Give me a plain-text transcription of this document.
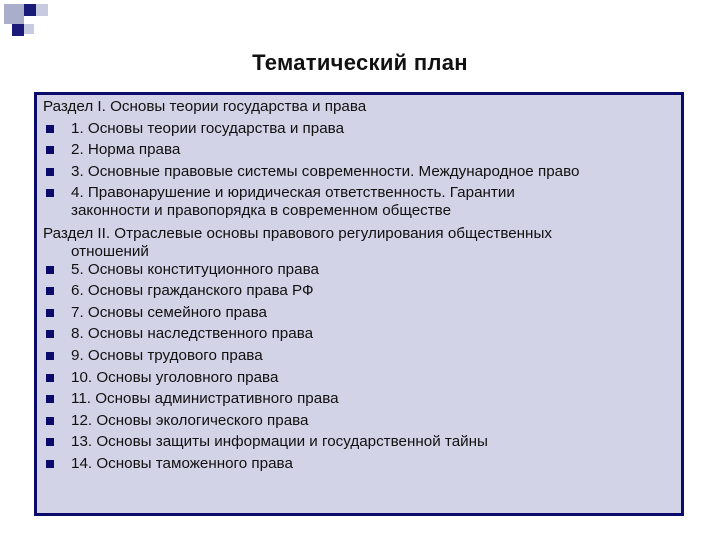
Тематический план
Раздел I. Основы теории государства и права
1. Основы теории государства и права
2. Норма права
3. Основные правовые системы современности. Международное право
4. Правонарушение и юридическая ответственность. Гарантии
законности и правопорядка в современном обществе
Раздел II. Отраслевые основы правового регулирования общественных
отношений
5. Основы конституционного права
6. Основы гражданского права РФ
7. Основы семейного права
8. Основы наследственного права
9. Основы трудового права
10. Основы уголовного права
11. Основы административного права
12. Основы экологического права
13. Основы защиты информации и государственной тайны
14. Основы таможенного права
